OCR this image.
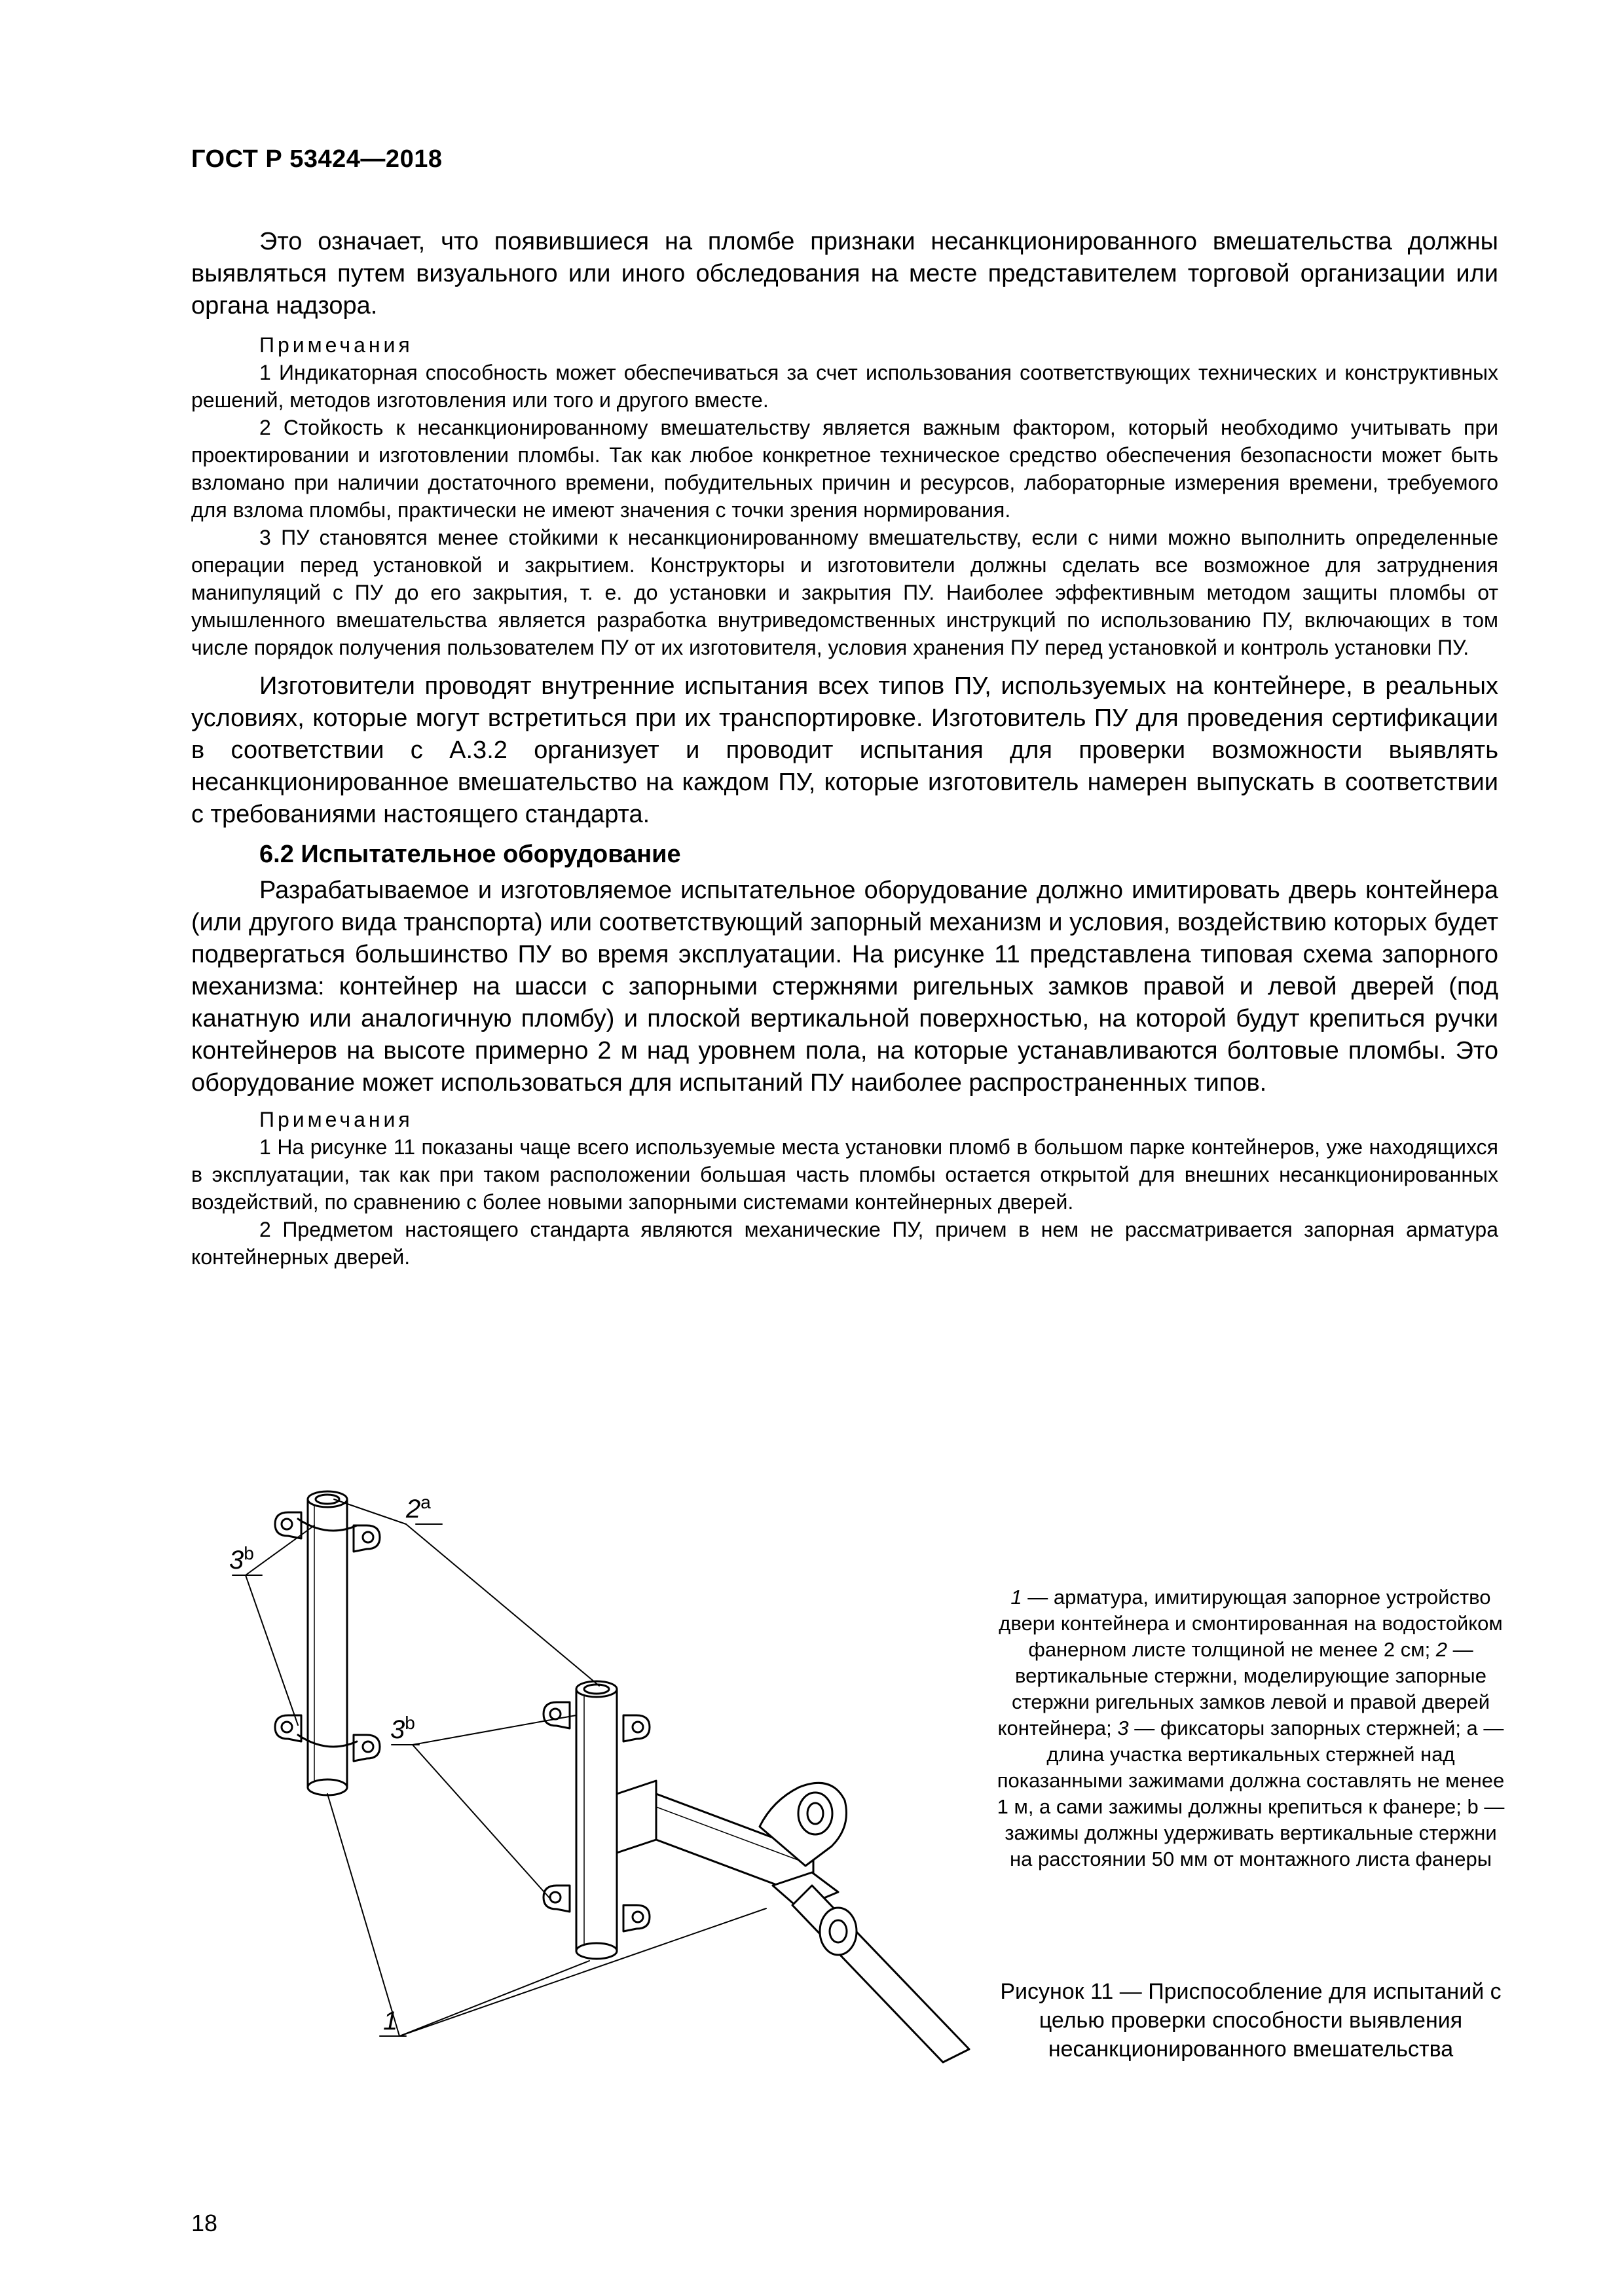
ГОСТ Р 53424—2018

Это означает, что появившиеся на пломбе признаки несанкционированного вмешательства должны выявляться путем визуального или иного обследования на месте представителем торговой организации или органа надзора.

Примечания

1 Индикаторная способность может обеспечиваться за счет использования соответствующих технических и конструктивных решений, методов изготовления или того и другого вместе.

2 Стойкость к несанкционированному вмешательству является важным фактором, который необходимо учитывать при проектировании и изготовлении пломбы. Так как любое конкретное техническое средство обеспечения безопасности может быть взломано при наличии достаточного времени, побудительных причин и ресурсов, лабораторные измерения времени, требуемого для взлома пломбы, практически не имеют значения с точки зрения нормирования.

3 ПУ становятся менее стойкими к несанкционированному вмешательству, если с ними можно выполнить определенные операции перед установкой и закрытием. Конструкторы и изготовители должны сделать все возможное для затруднения манипуляций с ПУ до его закрытия, т. е. до установки и закрытия ПУ. Наиболее эффективным методом защиты пломбы от умышленного вмешательства является разработка внутриведомственных инструкций по использованию ПУ, включающих в том числе порядок получения пользователем ПУ от их изготовителя, условия хранения ПУ перед установкой и контроль установки ПУ.

Изготовители проводят внутренние испытания всех типов ПУ, используемых на контейнере, в реальных условиях, которые могут встретиться при их транспортировке. Изготовитель ПУ для проведения сертификации в соответствии с А.3.2 организует и проводит испытания для проверки возможности выявлять несанкционированное вмешательство на каждом ПУ, которые изготовитель намерен выпускать в соответствии с требованиями настоящего стандарта.

6.2 Испытательное оборудование

Разрабатываемое и изготовляемое испытательное оборудование должно имитировать дверь контейнера (или другого вида транспорта) или соответствующий запорный механизм и условия, воздействию которых будет подвергаться большинство ПУ во время эксплуатации. На рисунке 11 представлена типовая схема запорного механизма: контейнер на шасси с запорными стержнями ригельных замков правой и левой дверей (под канатную или аналогичную пломбу) и плоской вертикальной поверхностью, на которой будут крепиться ручки контейнеров на высоте примерно 2 м над уровнем пола, на которые устанавливаются болтовые пломбы. Это оборудование может использоваться для испытаний ПУ наиболее распространенных типов.

Примечания

1 На рисунке 11 показаны чаще всего используемые места установки пломб в большом парке контейнеров, уже находящихся в эксплуатации, так как при таком расположении большая часть пломбы остается открытой для внешних несанкционированных воздействий, по сравнению с более новыми запорными системами контейнерных дверей.

2 Предметом настоящего стандарта являются механические ПУ, причем в нем не рассматривается запорная арматура контейнерных дверей.

2$^a$
3$^b$
3$^b$
1
1 — арматура, имитирующая запорное устройство двери контейнера и смонтированная на водостойком фанерном листе толщиной не менее 2 см; 2 — вертикальные стержни, моделирующие запорные стержни ригельных замков левой и правой дверей контейнера; 3 — фиксаторы запорных стержней; а — длина участка вертикальных стержней над показанными зажимами должна составлять не менее 1 м, а сами зажимы должны крепиться к фанере; b — зажимы должны удерживать вертикальные стержни на расстоянии 50 мм от монтажного листа фанеры
Рисунок 11 — Приспособление для испытаний с целью проверки способности выявления несанкционированного вмешательства
18
